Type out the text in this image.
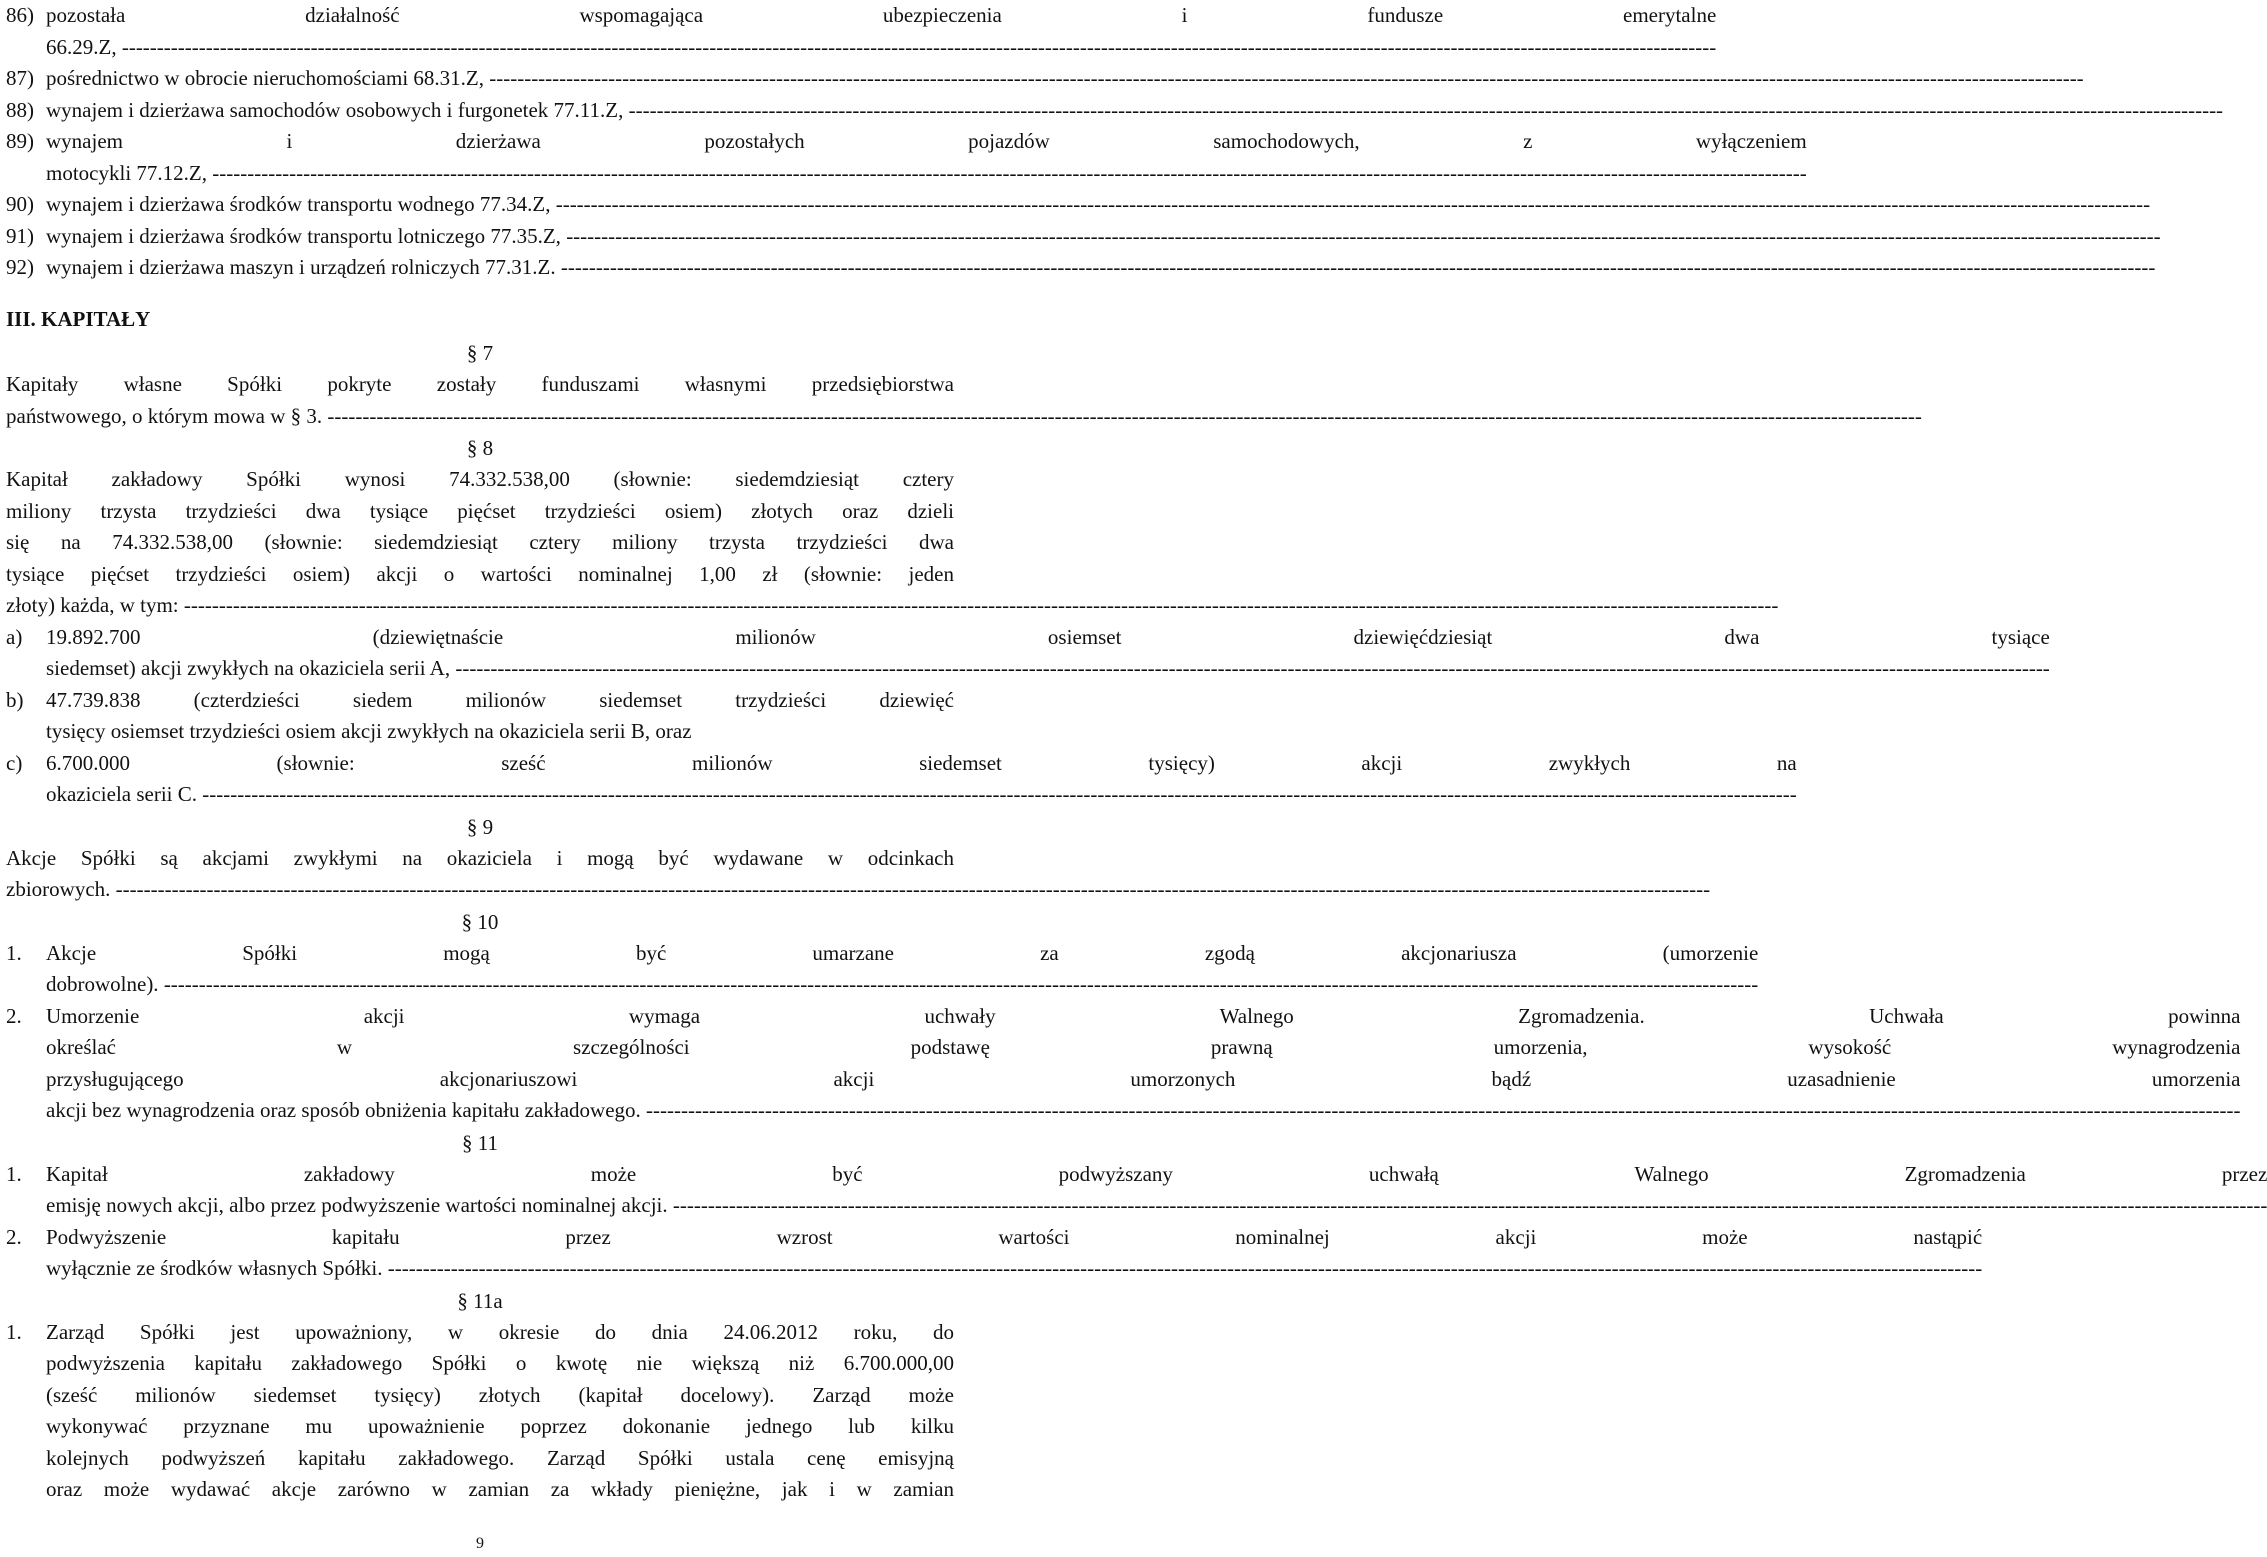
86) pozostała działalność wspomagająca ubezpieczenia i fundusze emerytalne
66.29.Z, -----
87) pośrednictwo w obrocie nieruchomościami 68.31.Z, -----
88) wynajem i dzierżawa samochodów osobowych i furgonetek 77.11.Z, -----
89) wynajem i dzierżawa pozostałych pojazdów samochodowych, z wyłączeniem
motocykli 77.12.Z, -----
90) wynajem i dzierżawa środków transportu wodnego 77.34.Z, -----
91) wynajem i dzierżawa środków transportu lotniczego 77.35.Z, -----
92) wynajem i dzierżawa maszyn i urządzeń rolniczych 77.31.Z. -----
III. KAPITAŁY
§ 7
Kapitały własne Spółki pokryte zostały funduszami własnymi przedsiębiorstwa
państwowego, o którym mowa w § 3. -----
§ 8
Kapitał zakładowy Spółki wynosi 74.332.538,00 (słownie: siedemdziesiąt cztery
miliony trzysta trzydzieści dwa tysiące pięćset trzydzieści osiem) złotych oraz dzieli
się na 74.332.538,00 (słownie: siedemdziesiąt cztery miliony trzysta trzydzieści dwa
tysiące pięćset trzydzieści osiem) akcji o wartości nominalnej 1,00 zł (słownie: jeden
złoty) każda, w tym: -----
a)	19.892.700 (dziewiętnaście milionów osiemset dziewięćdziesiąt dwa tysiące
siedemset) akcji zwykłych na okaziciela serii A, -----
b)	47.739.838 (czterdzieści siedem milionów siedemset trzydzieści dziewięć
tysięcy osiemset trzydzieści osiem akcji zwykłych na okaziciela serii B, oraz
c)	6.700.000 (słownie: sześć milionów siedemset tysięcy) akcji zwykłych na
okaziciela serii C. -----
§ 9
Akcje Spółki są akcjami zwykłymi na okaziciela i mogą być wydawane w odcinkach
zbiorowych. -----
§ 10
1.	Akcje Spółki mogą być umarzane za zgodą akcjonariusza (umorzenie
dobrowolne). -----
2.	Umorzenie akcji wymaga uchwały Walnego Zgromadzenia. Uchwała powinna
określać w szczególności podstawę prawną umorzenia, wysokość wynagrodzenia
przysługującego akcjonariuszowi akcji umorzonych bądź uzasadnienie umorzenia
akcji bez wynagrodzenia oraz sposób obniżenia kapitału zakładowego. -----
§ 11
1.	Kapitał zakładowy może być podwyższany uchwałą Walnego Zgromadzenia przez
emisję nowych akcji, albo przez podwyższenie wartości nominalnej akcji. -----
2.	Podwyższenie kapitału przez wzrost wartości nominalnej akcji może nastąpić
wyłącznie ze środków własnych Spółki. -----
§ 11a
1.	Zarząd Spółki jest upoważniony, w okresie do dnia 24.06.2012 roku, do
podwyższenia kapitału zakładowego Spółki o kwotę nie większą niż 6.700.000,00
(sześć milionów siedemset tysięcy) złotych (kapitał docelowy). Zarząd może
wykonywać przyznane mu upoważnienie poprzez dokonanie jednego lub kilku
kolejnych podwyższeń kapitału zakładowego. Zarząd Spółki ustala cenę emisyjną
oraz może wydawać akcje zarówno w zamian za wkłady pieniężne, jak i w zamian
9
